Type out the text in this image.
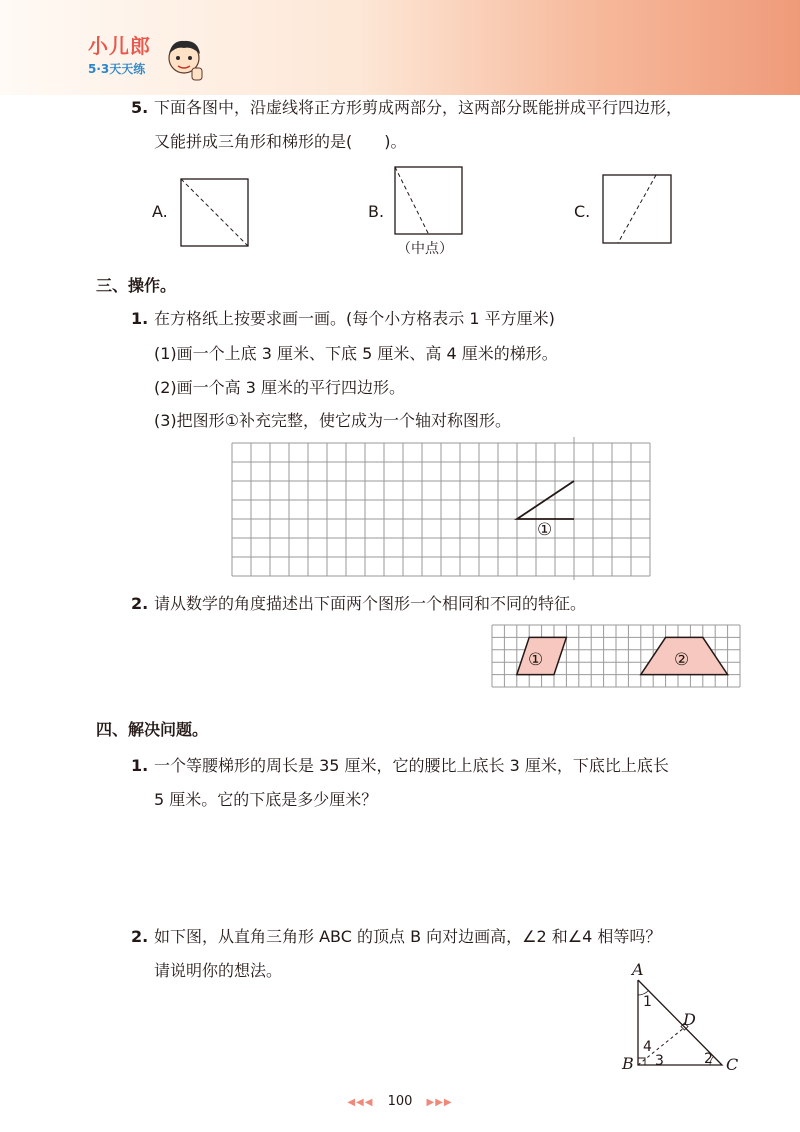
小儿郎
5·3天天练
5. 下面各图中，沿虚线将正方形剪成两部分，这两部分既能拼成平行四边形，
又能拼成三角形和梯形的是(　　)。
A.	B.
（中点）
C.
三、操作。
1. 在方格纸上按要求画一画。(每个小方格表示 1 平方厘米)
(1)画一个上底 3 厘米、下底 5 厘米、高 4 厘米的梯形。
(2)画一个高 3 厘米的平行四边形。
(3)把图形①补充完整，使它成为一个轴对称图形。
①
2. 请从数学的角度描述出下面两个图形一个相同和不同的特征。
①	②
四、解决问题。
1. 一个等腰梯形的周长是 35 厘米，它的腰比上底长 3 厘米，下底比上底长
5 厘米。它的下底是多少厘米？
2. 如下图，从直角三角形 ABC 的顶点 B 向对边画高，∠2 和∠4 相等吗？
请说明你的想法。	A
B	C
D
1
2
3
4
◀◀◀ 100 ▶▶▶
